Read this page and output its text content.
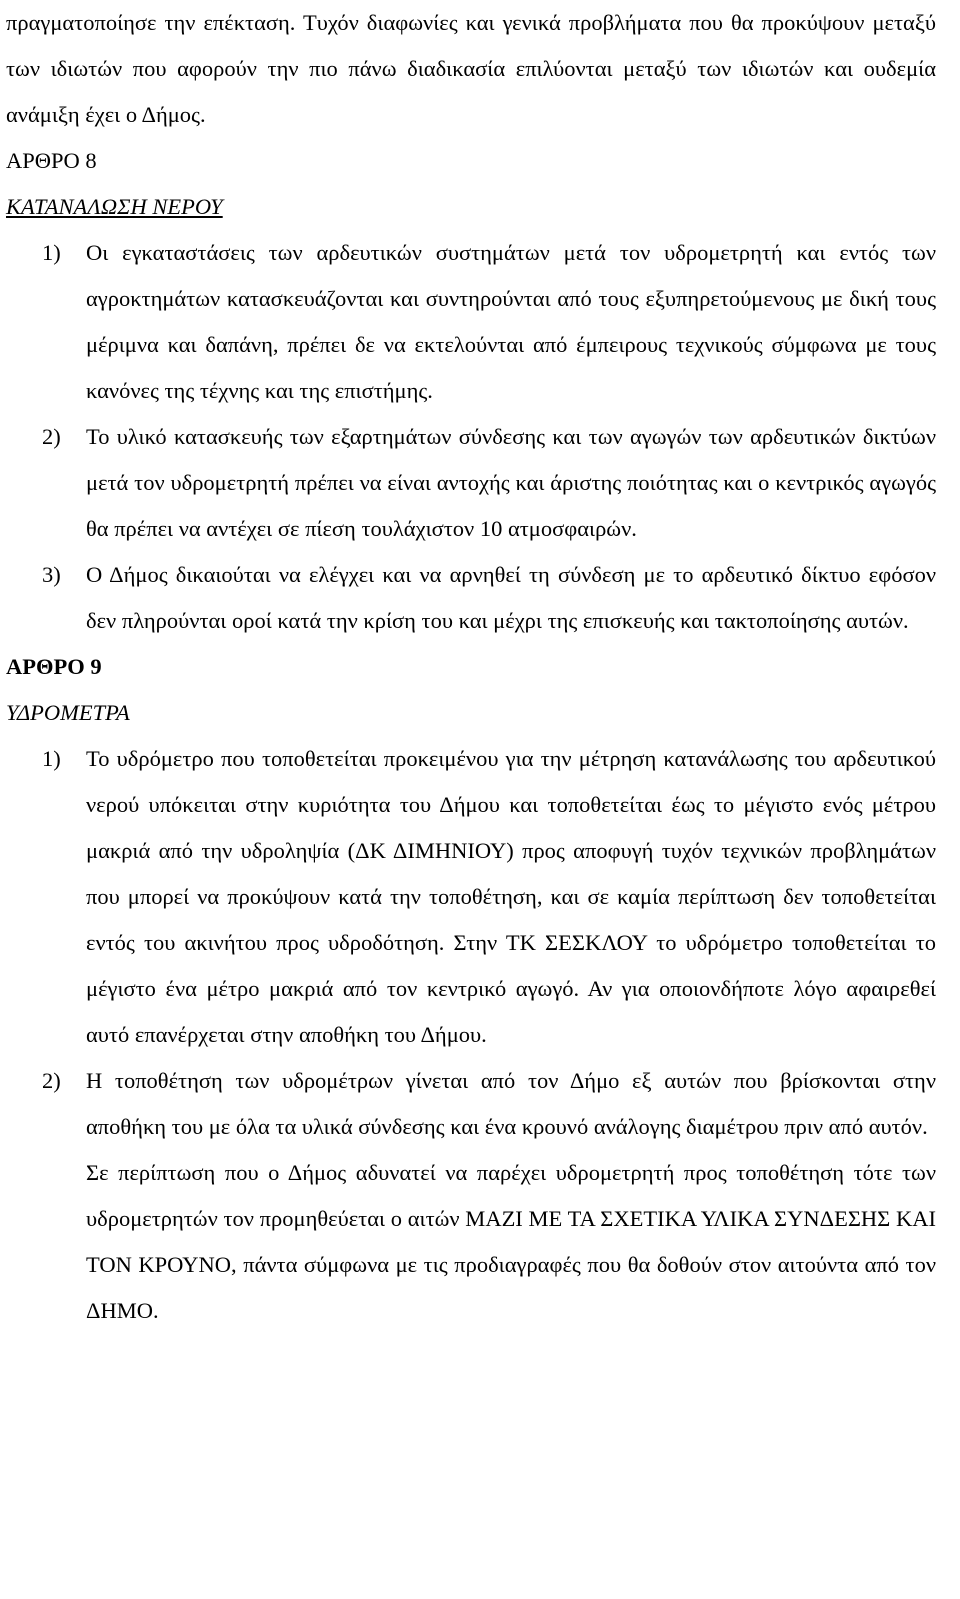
πραγματοποίησε την επέκταση. Τυχόν διαφωνίες και γενικά προβλήματα που θα προκύψουν μεταξύ των ιδιωτών που αφορούν την πιο πάνω διαδικασία επιλύονται μεταξύ των ιδιωτών και ουδεμία ανάμιξη έχει ο Δήμος.

ΑΡΘΡΟ 8

ΚΑΤΑΝΑΛΩΣΗ ΝΕΡΟΥ

1) Οι εγκαταστάσεις των αρδευτικών συστημάτων μετά τον υδρομετρητή και εντός των αγροκτημάτων κατασκευάζονται και συντηρούνται από τους εξυπηρετούμενους με δική τους μέριμνα και δαπάνη, πρέπει δε να εκτελούνται από έμπειρους τεχνικούς σύμφωνα με τους κανόνες της τέχνης και της επιστήμης.
2) Το υλικό κατασκευής των εξαρτημάτων σύνδεσης και των αγωγών των αρδευτικών δικτύων μετά τον υδρομετρητή πρέπει να είναι αντοχής και άριστης ποιότητας και ο κεντρικός αγωγός θα πρέπει να αντέχει σε πίεση τουλάχιστον 10 ατμοσφαιρών.
3) Ο Δήμος δικαιούται να ελέγχει και να αρνηθεί τη σύνδεση με το αρδευτικό δίκτυο εφόσον δεν πληρούνται οροί κατά την κρίση του και μέχρι της επισκευής και τακτοποίησης αυτών.

ΑΡΘΡΟ 9

ΥΔΡΟΜΕΤΡΑ

1) Το υδρόμετρο που τοποθετείται προκειμένου για την μέτρηση κατανάλωσης του αρδευτικού νερού υπόκειται στην κυριότητα του Δήμου και τοποθετείται έως το μέγιστο ενός μέτρου μακριά από την υδροληψία (ΔΚ ΔΙΜΗΝΙΟΥ) προς αποφυγή τυχόν τεχνικών προβλημάτων που μπορεί να προκύψουν κατά την τοποθέτηση, και σε καμία περίπτωση δεν τοποθετείται εντός του ακινήτου προς υδροδότηση. Στην ΤΚ ΣΕΣΚΛΟΥ το υδρόμετρο τοποθετείται το μέγιστο ένα μέτρο μακριά από τον κεντρικό αγωγό. Αν για οποιονδήποτε λόγο αφαιρεθεί αυτό επανέρχεται στην αποθήκη του Δήμου.
2) Η τοποθέτηση των υδρομέτρων γίνεται από τον Δήμο εξ αυτών που βρίσκονται στην αποθήκη του με όλα τα υλικά σύνδεσης και ένα κρουνό ανάλογης διαμέτρου πριν από αυτόν.
Σε περίπτωση που ο Δήμος αδυνατεί να παρέχει υδρομετρητή προς τοποθέτηση τότε των υδρομετρητών τον προμηθεύεται ο αιτών ΜΑΖΙ ΜΕ ΤΑ ΣΧΕΤΙΚΑ ΥΛΙΚΑ ΣΥΝΔΕΣΗΣ ΚΑΙ ΤΟΝ ΚΡΟΥΝΟ, πάντα σύμφωνα με τις προδιαγραφές που θα δοθούν στον αιτούντα από τον ΔΗΜΟ.
